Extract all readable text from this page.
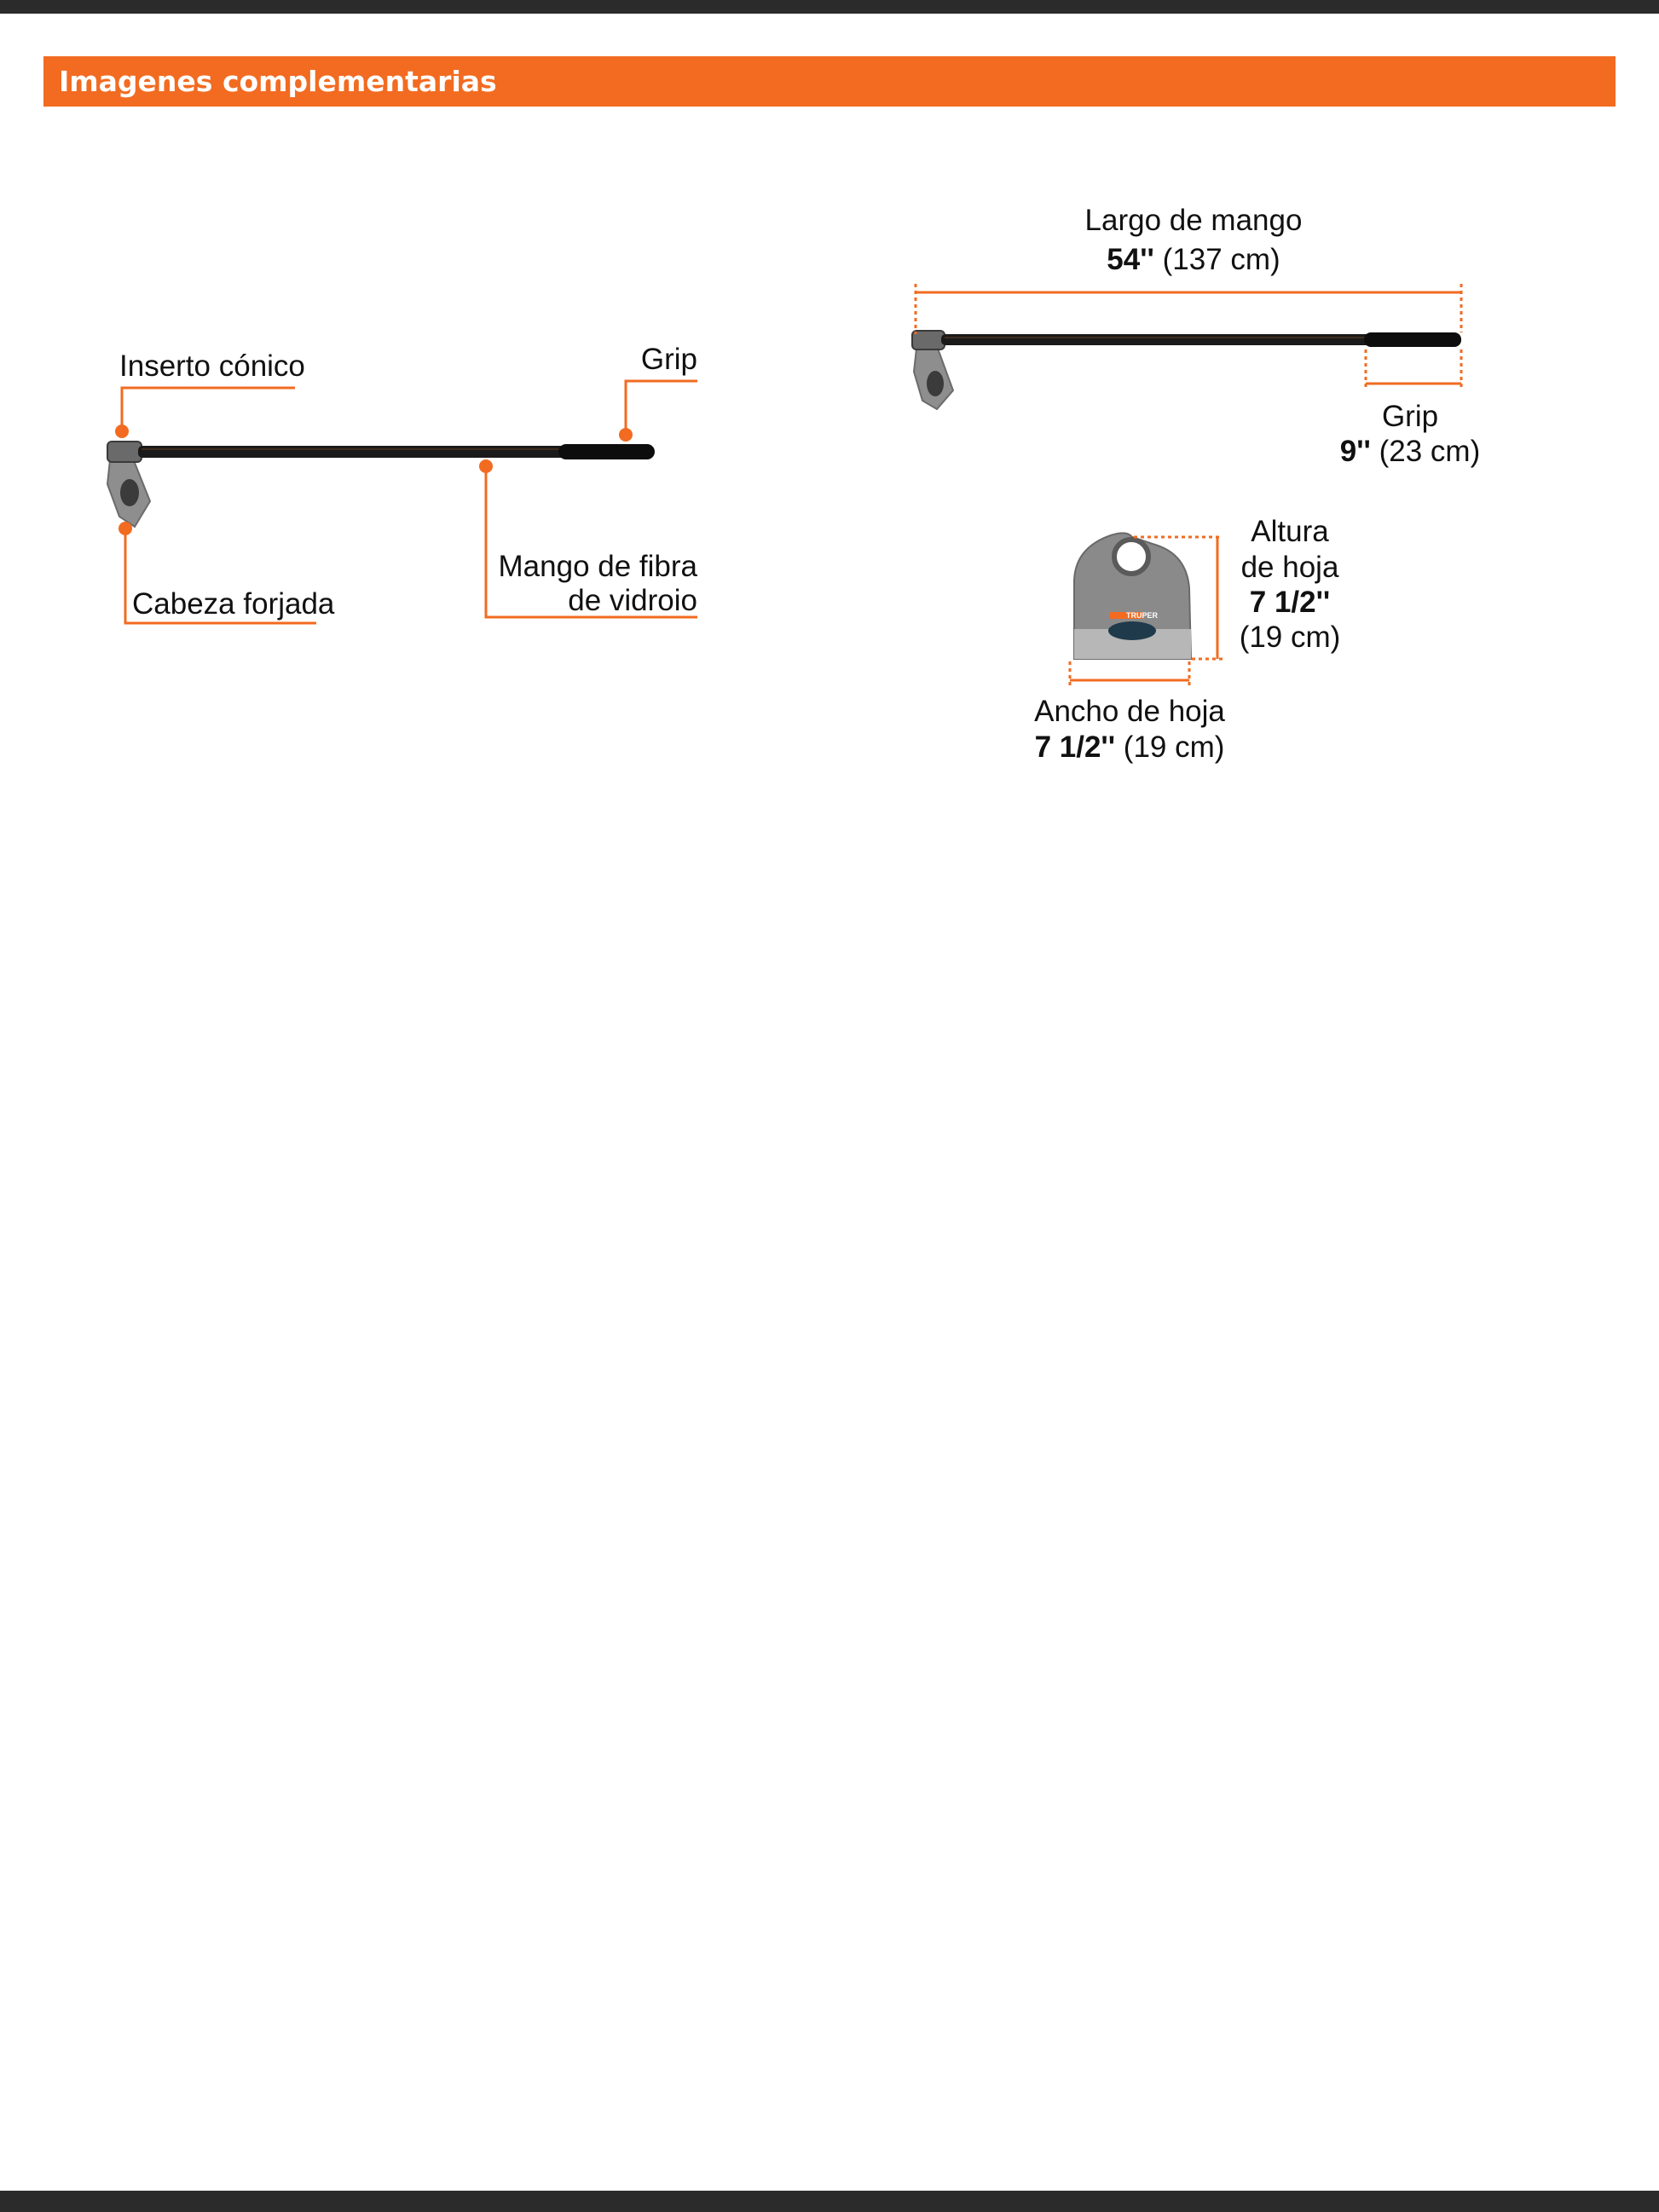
Imagenes complementarias
Inserto cónico	Grip
Mango de fibra
de vidroio
Cabeza forjada
Largo de mango
54'' (137 cm)
Grip
9'' (23 cm)
TRUPER
Altura
de hoja
7 1/2''
(19 cm)
Ancho de hoja
7 1/2'' (19 cm)
